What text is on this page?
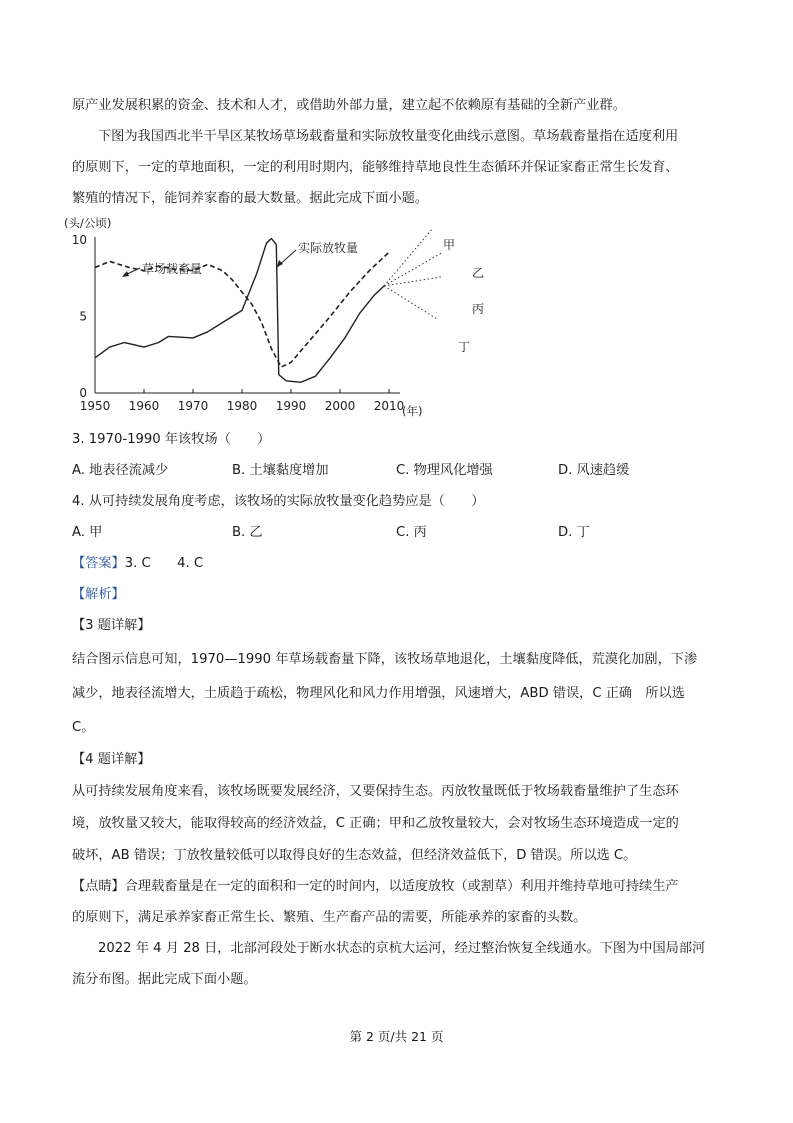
原产业发展积累的资金、技术和人才，或借助外部力量，建立起不依赖原有基础的全新产业群。
下图为我国西北半干旱区某牧场草场载畜量和实际放牧量变化曲线示意图。草场载畜量指在适度利用
的原则下，一定的草地面积，一定的利用时期内，能够维持草地良性生态循环并保证家畜正常生长发育、
繁殖的情况下，能饲养家畜的最大数量。据此完成下面小题。
(头/公顷)
(年)
1950 1960 1970 1980 1990 2000 2010
0
5
10
草场载畜量
实际放牧量	甲
乙
丙
丁
3. 1970-1990 年该牧场（　　）
A. 地表径流减少	B. 土壤黏度增加	C. 物理风化增强	D. 风速趋缓
4. 从可持续发展角度考虑，该牧场的实际放牧量变化趋势应是（　　）
A. 甲	B. 乙	C. 丙	D. 丁
【答案】3. C　　4. C
【解析】
【3 题详解】
结合图示信息可知，1970—1990 年草场载畜量下降，该牧场草地退化，土壤黏度降低，荒漠化加剧，下渗
减少，地表径流增大，土质趋于疏松，物理风化和风力作用增强，风速增大，ABD 错误，C 正确　所以选
C。
【4 题详解】
从可持续发展角度来看，该牧场既要发展经济，又要保持生态。丙放牧量既低于牧场载畜量维护了生态环
境，放牧量又较大，能取得较高的经济效益，C 正确；甲和乙放牧量较大，会对牧场生态环境造成一定的
破坏，AB 错误；丁放牧量较低可以取得良好的生态效益，但经济效益低下，D 错误。所以选 C。
【点睛】合理载畜量是在一定的面积和一定的时间内，以适度放牧（或割草）利用并维持草地可持续生产
的原则下，满足承养家畜正常生长、繁殖、生产畜产品的需要，所能承养的家畜的头数。
2022 年 4 月 28 日，北部河段处于断水状态的京杭大运河，经过整治恢复全线通水。下图为中国局部河
流分布图。据此完成下面小题。
第 2 页/共 21 页
